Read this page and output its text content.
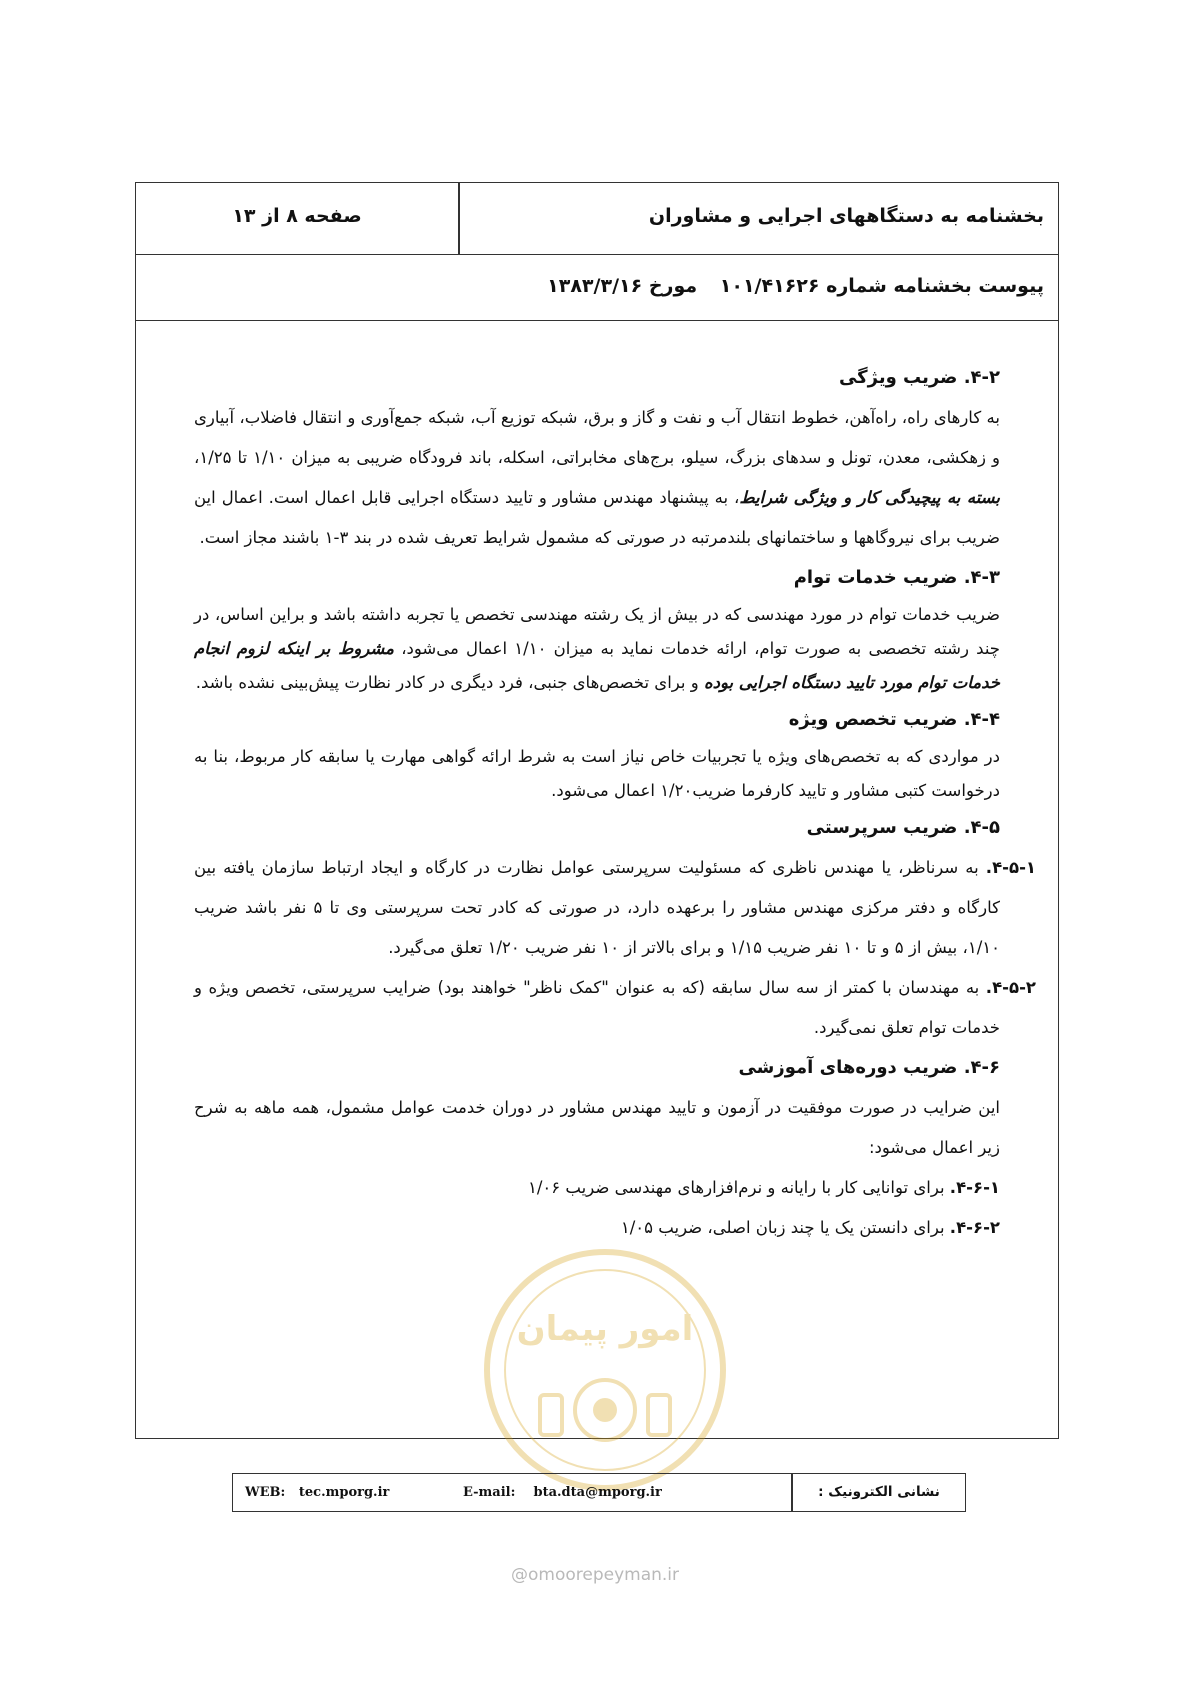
بخشنامه به دستگاههای اجرایی و مشاوران
صفحه ۸ از ۱۳
پیوست بخشنامه شماره ۱۰۱/۴۱۶۲۶ مورخ ۱۳۸۳/۳/۱۶
۴-۲. ضریب ویژگی

به کارهای راه، راه‌آهن، خطوط انتقال آب و نفت و گاز و برق، شبکه توزیع آب، شبکه جمع‌آوری و انتقال فاضلاب، آبیاری و زهکشی، معدن، تونل و سدهای بزرگ، سیلو، برج‌های مخابراتی، اسکله، باند فرودگاه ضریبی به میزان ۱/۱۰ تا ۱/۲۵، بسته به پیچیدگی کار و ویژگی شرایط، به پیشنهاد مهندس مشاور و تایید دستگاه اجرایی قابل اعمال است. اعمال این ضریب برای نیروگاهها و ساختمانهای بلندمرتبه در صورتی که مشمول شرایط تعریف شده در بند ۳-۱ باشند مجاز است.

۴-۳. ضریب خدمات توام

ضریب خدمات توام در مورد مهندسی که در بیش از یک رشته مهندسی تخصص یا تجربه داشته باشد و براین اساس، در چند رشته تخصصی به صورت توام، ارائه خدمات نماید به میزان ۱/۱۰ اعمال می‌شود، مشروط بر اینکه لزوم انجام خدمات توام مورد تایید دستگاه اجرایی بوده و برای تخصص‌های جنبی، فرد دیگری در کادر نظارت پیش‌بینی نشده باشد.

۴-۴. ضریب تخصص ویژه

در مواردی که به تخصص‌های ویژه یا تجربیات خاص نیاز است به شرط ارائه گواهی مهارت یا سابقه کار مربوط، بنا به درخواست کتبی مشاور و تایید کارفرما ضریب۱/۲۰ اعمال می‌شود.

۴-۵. ضریب سرپرستی

۴-۵-۱. به سرناظر، یا مهندس ناظری که مسئولیت سرپرستی عوامل نظارت در کارگاه و ایجاد ارتباط سازمان یافته بین کارگاه و دفتر مرکزی مهندس مشاور را برعهده دارد، در صورتی که کادر تحت سرپرستی وی تا ۵ نفر باشد ضریب ۱/۱۰، بیش از ۵ و تا ۱۰ نفر ضریب ۱/۱۵ و برای بالاتر از ۱۰ نفر ضریب ۱/۲۰ تعلق می‌گیرد.

۴-۵-۲. به مهندسان با کمتر از سه سال سابقه (که به عنوان "کمک ناظر" خواهند بود) ضرایب سرپرستی، تخصص ویژه و خدمات توام تعلق نمی‌گیرد.

۴-۶. ضریب دوره‌های آموزشی

این ضرایب در صورت موفقیت در آزمون و تایید مهندس مشاور در دوران خدمت عوامل مشمول، همه ماهه به شرح زیر اعمال می‌شود:

۴-۶-۱. برای توانایی کار با رایانه و نرم‌افزارهای مهندسی ضریب ۱/۰۶

۴-۶-۲. برای دانستن یک یا چند زبان اصلی، ضریب ۱/۰۵

امور پیمان
WEB: tec.mporg.ir	E-mail: bta.dta@mporg.ir	نشانی الکترونیک :
@omoorepeyman.ir
